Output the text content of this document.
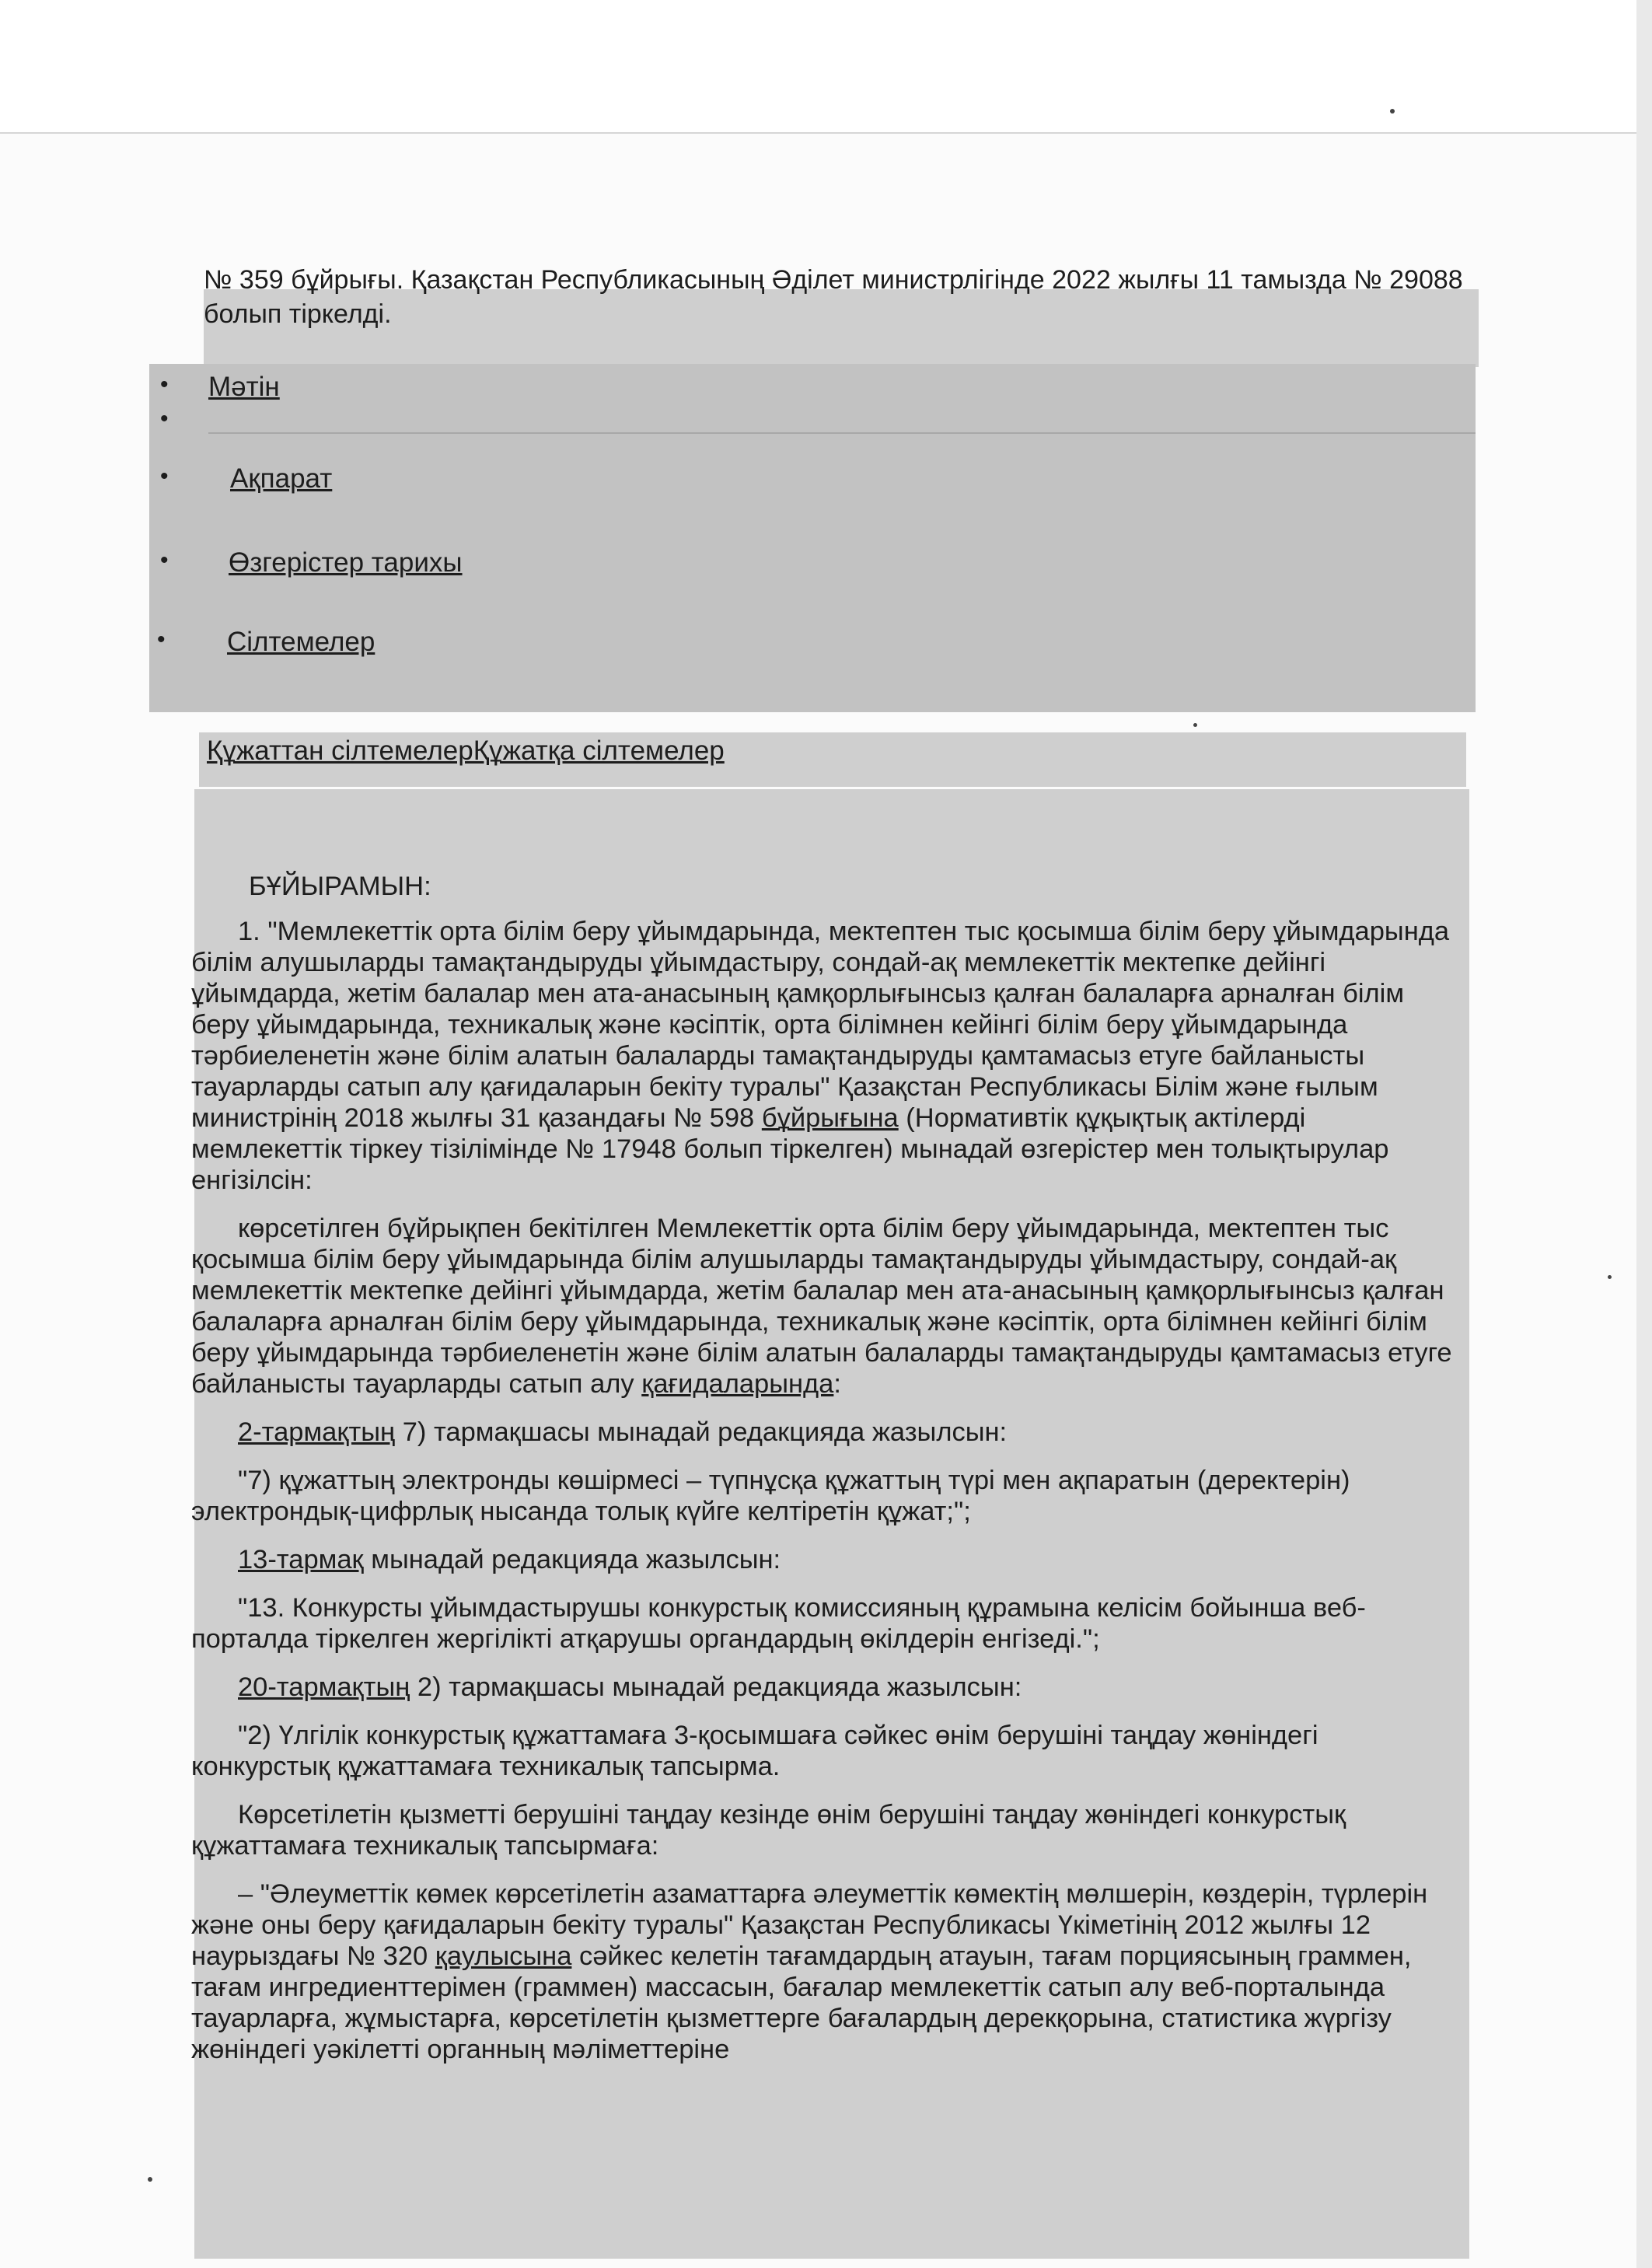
№ 359 бұйрығы. Қазақстан Республикасының Әділет министрлігінде 2022 жылғы 11 тамызда № 29088 болып тіркелді.
• Мәтін
•
• Ақпарат
• Өзгерістер тарихы
• Сілтемелер
Құжаттан сілтемелерҚұжатқа сілтемелер

БҰЙЫРАМЫН:

1. "Мемлекеттік орта білім беру ұйымдарында, мектептен тыс қосымша білім беру ұйымдарында білім алушыларды тамақтандыруды ұйымдастыру, сондай-ақ мемлекеттік мектепке дейінгі ұйымдарда, жетім балалар мен ата-анасының қамқорлығынсыз қалған балаларға арналған білім беру ұйымдарында, техникалық және кәсіптік, орта білімнен кейінгі білім беру ұйымдарында тәрбиеленетін және білім алатын балаларды тамақтандыруды қамтамасыз етуге байланысты тауарларды сатып алу қағидаларын бекіту туралы" Қазақстан Республикасы Білім және ғылым министрінің 2018 жылғы 31 қазандағы № 598 бұйрығына (Нормативтік құқықтық актілерді мемлекеттік тіркеу тізілімінде № 17948 болып тіркелген) мынадай өзгерістер мен толықтырулар енгізілсін:

көрсетілген бұйрықпен бекітілген Мемлекеттік орта білім беру ұйымдарында, мектептен тыс қосымша білім беру ұйымдарында білім алушыларды тамақтандыруды ұйымдастыру, сондай-ақ мемлекеттік мектепке дейінгі ұйымдарда, жетім балалар мен ата-анасының қамқорлығынсыз қалған балаларға арналған білім беру ұйымдарында, техникалық және кәсіптік, орта білімнен кейінгі білім беру ұйымдарында тәрбиеленетін және білім алатын балаларды тамақтандыруды қамтамасыз етуге байланысты тауарларды сатып алу қағидаларында:

2-тармақтың 7) тармақшасы мынадай редакцияда жазылсын:

"7) құжаттың электронды көшірмесі – түпнұсқа құжаттың түрі мен ақпаратын (деректерін) электрондық-цифрлық нысанда толық күйге келтіретін құжат;";

13-тармақ мынадай редакцияда жазылсын:

"13. Конкурсты ұйымдастырушы конкурстық комиссияның құрамына келісім бойынша веб-порталда тіркелген жергілікті атқарушы органдардың өкілдерін енгізеді.";

20-тармақтың 2) тармақшасы мынадай редакцияда жазылсын:

"2) Үлгілік конкурстық құжаттамаға 3-қосымшаға сәйкес өнім берушіні таңдау жөніндегі конкурстық құжаттамаға техникалық тапсырма.

Көрсетілетін қызметті берушіні таңдау кезінде өнім берушіні таңдау жөніндегі конкурстық құжаттамаға техникалық тапсырмаға:

– "Әлеуметтік көмек көрсетілетін азаматтарға әлеуметтік көмектің мөлшерін, көздерін, түрлерін және оны беру қағидаларын бекіту туралы" Қазақстан Республикасы Үкіметінің 2012 жылғы 12 наурыздағы № 320 қаулысына сәйкес келетін тағамдардың атауын, тағам порциясының граммен, тағам ингредиенттерімен (граммен) массасын, бағалар мемлекеттік сатып алу веб-порталында тауарларға, жұмыстарға, көрсетілетін қызметтерге бағалардың дерекқорына, статистика жүргізу жөніндегі уәкілетті органның мәліметтеріне
